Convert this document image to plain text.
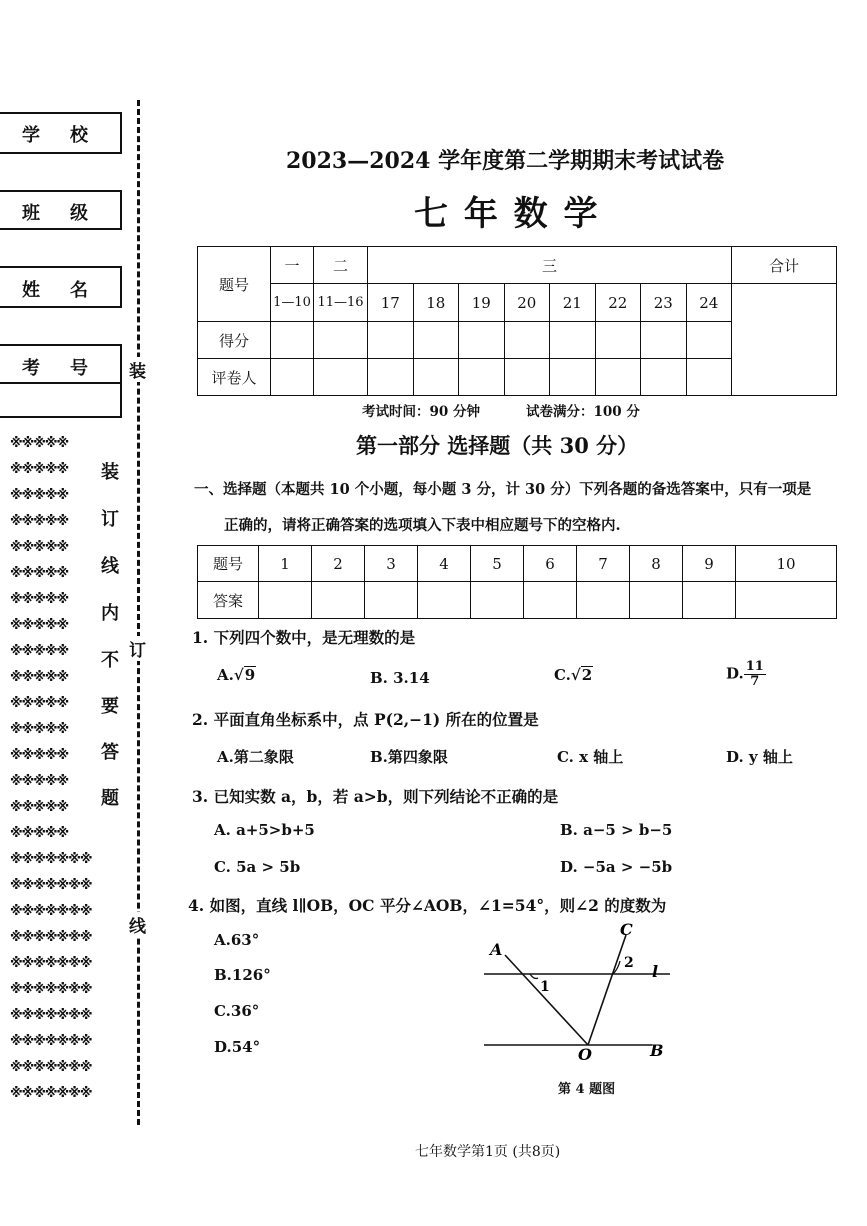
学校
班级
姓名
考号
※※※※※
※※※※※
※※※※※
※※※※※
※※※※※
※※※※※
※※※※※
※※※※※
※※※※※
※※※※※
※※※※※
※※※※※
※※※※※
※※※※※
※※※※※
※※※※※
※※※※※※※
※※※※※※※
※※※※※※※
※※※※※※※
※※※※※※※
※※※※※※※
※※※※※※※
※※※※※※※
※※※※※※※
※※※※※※※
装
订
线
内
不
要
答
题
装
订
线
2023—2024 学年度第二学期期末考试试卷
七 年 数 学
题号	一	二	三								合计
	1—10	11—16	17	18	19	20	21	22	23	24	
得分											
评卷人											
考试时间：90 分钟	试卷满分：100 分
第一部分 选择题（共 30 分）
一、选择题（本题共 10 个小题，每小题 3 分，计 30 分）下列各题的备选答案中，只有一项是
正确的，请将正确答案的选项填入下表中相应题号下的空格内.
题号	1	2	3	4	5	6	7	8	9	10
答案										
1. 下列四个数中，是无理数的是
A.√9	B. 3.14	C.√2	D. $\frac{11}{7}$
2. 平面直角坐标系中，点 P(2,−1) 所在的位置是
A.第二象限	B.第四象限	C. x 轴上	D. y 轴上
3. 已知实数 a，b，若 a>b，则下列结论不正确的是
A. a+5>b+5	B. a−5 > b−5
C. 5a > 5b	D. −5a > −5b
4. 如图，直线 l∥OB，OC 平分∠AOB，∠1=54°，则∠2 的度数为
A.63°
B.126°
C.36°
D.54°
A
C
l
O	B
1
2
第 4 题图
七年数学第1页 (共8页)
